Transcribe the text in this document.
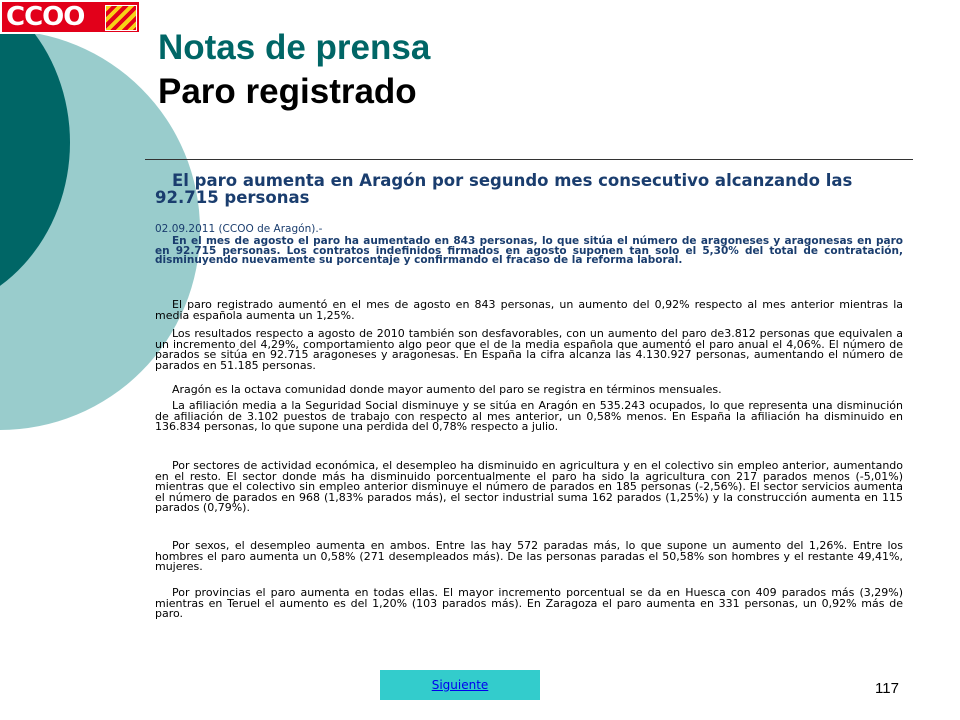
CCOO
Notas de prensa
Paro registrado

El paro aumenta en Aragón por segundo mes consecutivo alcanzando las 92.715 personas

02.09.2011 (CCOO de Aragón).-

En el mes de agosto el paro ha aumentado en 843 personas, lo que sitúa el número de aragoneses y aragonesas en paro en 92.715 personas. Los contratos indefinidos firmados en agosto suponen tan solo el 5,30% del total de contratación, disminuyendo nuevamente su porcentaje y confirmando el fracaso de la reforma laboral.

El paro registrado aumentó en el mes de agosto en 843 personas, un aumento del 0,92% respecto al mes anterior mientras la media española aumenta un 1,25%.

Los resultados respecto a agosto de 2010 también son desfavorables, con un aumento del paro de3.812 personas que equivalen a un incremento del 4,29%, comportamiento algo peor que el de la media española que aumentó el paro anual el 4,06%. El número de parados se sitúa en 92.715 aragoneses y aragonesas. En España la cifra alcanza las 4.130.927 personas, aumentando el número de parados en 51.185 personas.

Aragón es la octava comunidad donde mayor aumento del paro se registra en términos mensuales.

La afiliación media a la Seguridad Social disminuye y se sitúa en Aragón en 535.243 ocupados, lo que representa una disminución de afiliación de 3.102 puestos de trabajo con respecto al mes anterior, un 0,58% menos. En España la afiliación ha disminuido en 136.834 personas, lo que supone una perdida del 0,78% respecto a julio.

Por sectores de actividad económica, el desempleo ha disminuido en agricultura y en el colectivo sin empleo anterior, aumentando en el resto. El sector donde más ha disminuido porcentualmente el paro ha sido la agricultura con 217 parados menos (-5,01%) mientras que el colectivo sin empleo anterior disminuye el número de parados en 185 personas (-2,56%). El sector servicios aumenta el número de parados en 968 (1,83% parados más), el sector industrial suma 162 parados (1,25%) y la construcción aumenta en 115 parados (0,79%).

Por sexos, el desempleo aumenta en ambos. Entre las hay 572 paradas más, lo que supone un aumento del 1,26%. Entre los hombres el paro aumenta un 0,58% (271 desempleados más). De las personas paradas el 50,58% son hombres y el restante 49,41%, mujeres.

Por provincias el paro aumenta en todas ellas. El mayor incremento porcentual se da en Huesca con 409 parados más (3,29%) mientras en Teruel el aumento es del 1,20% (103 parados más). En Zaragoza el paro aumenta en 331 personas, un 0,92% más de paro.

Siguiente	117
